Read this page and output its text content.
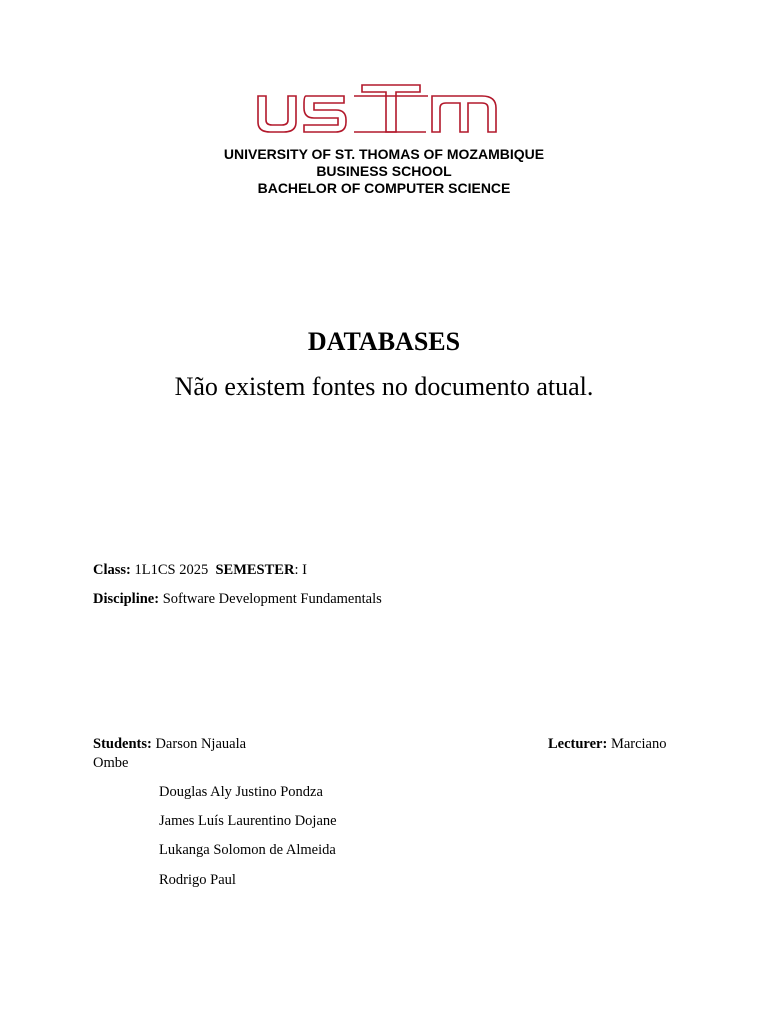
UNIVERSITY OF ST. THOMAS OF MOZAMBIQUE
BUSINESS SCHOOL
BACHELOR OF COMPUTER SCIENCE
DATABASES
Não existem fontes no documento atual.
Class: 1L1CS 2025 SEMESTER: I
Discipline: Software Development Fundamentals
Students: Darson Njauala	Lecturer: Marciano
Ombe
Douglas Aly Justino Pondza
James Luís Laurentino Dojane
Lukanga Solomon de Almeida
Rodrigo Paul
